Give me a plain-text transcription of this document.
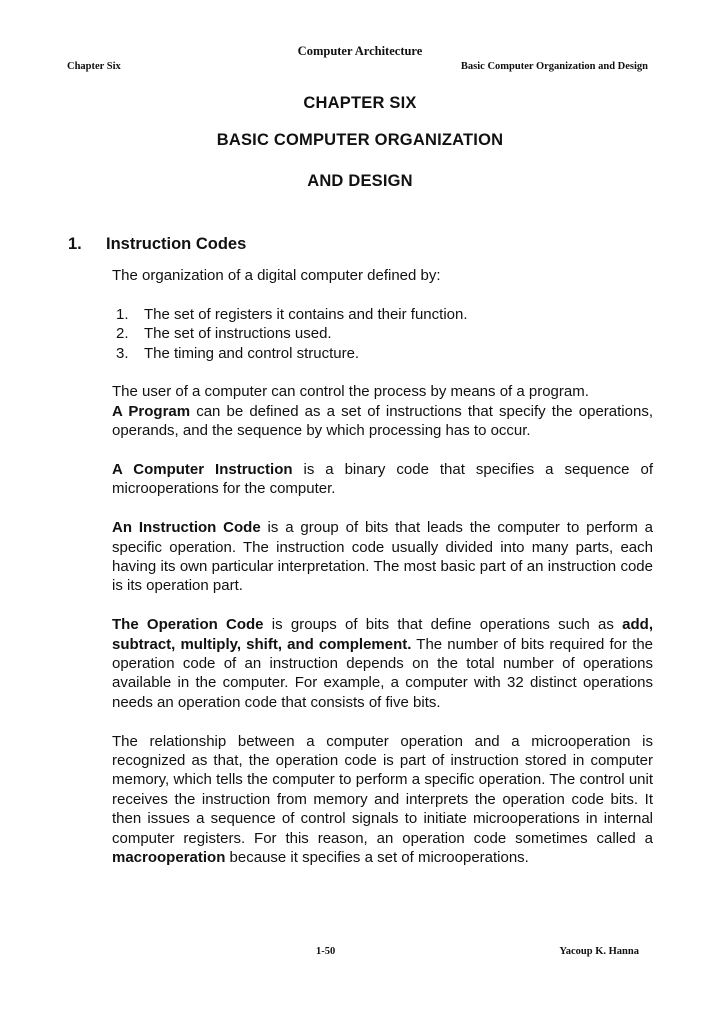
Computer Architecture
Chapter Six	Basic Computer Organization and Design
CHAPTER SIX
BASIC COMPUTER ORGANIZATION
AND DESIGN
1. Instruction Codes

The organization of a digital computer defined by:

1. The set of registers it contains and their function.
2. The set of instructions used.
3. The timing and control structure.

The user of a computer can control the process by means of a program.
A Program can be defined as a set of instructions that specify the operations, operands, and the sequence by which processing has to occur.

A Computer Instruction is a binary code that specifies a sequence of microoperations for the computer.

An Instruction Code is a group of bits that leads the computer to perform a specific operation. The instruction code usually divided into many parts, each having its own particular interpretation. The most basic part of an instruction code is its operation part.

The Operation Code is groups of bits that define operations such as add, subtract, multiply, shift, and complement. The number of bits required for the operation code of an instruction depends on the total number of operations available in the computer. For example, a computer with 32 distinct operations needs an operation code that consists of five bits.

The relationship between a computer operation and a microoperation is recognized as that, the operation code is part of instruction stored in computer memory, which tells the computer to perform a specific operation. The control unit receives the instruction from memory and interprets the operation code bits. It then issues a sequence of control signals to initiate microoperations in internal computer registers. For this reason, an operation code sometimes called a macrooperation because it specifies a set of microoperations.

1-50	Yacoup K. Hanna
